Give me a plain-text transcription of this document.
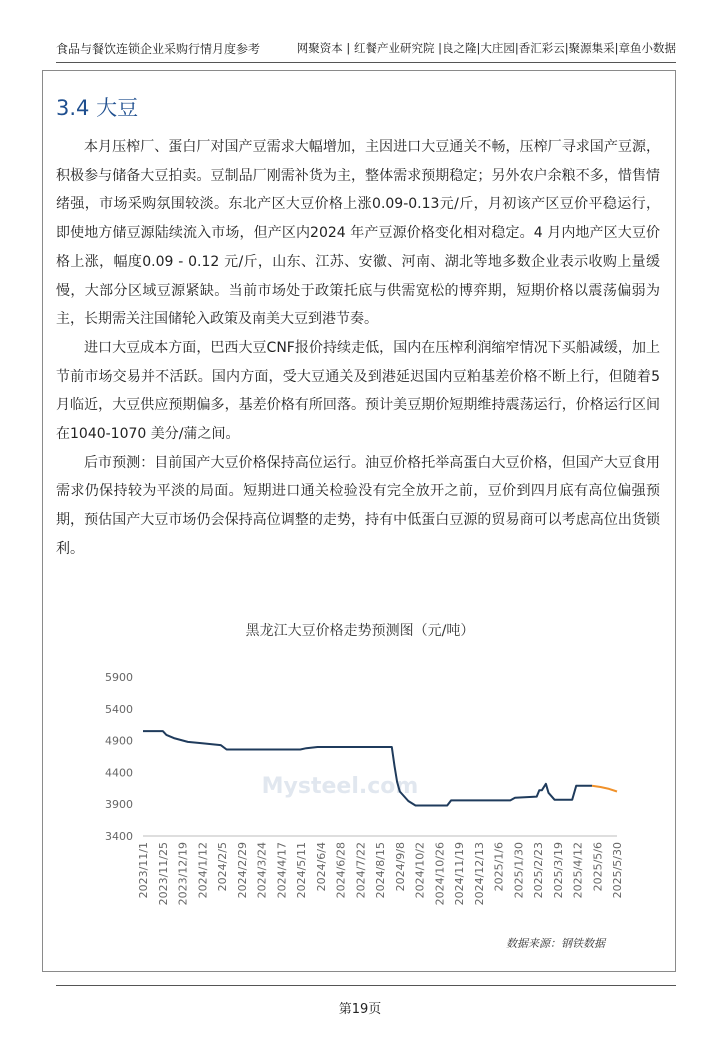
食品与餐饮连锁企业采购行情月度参考	网聚资本 | 红餐产业研究院 |良之隆|大庄园|香汇彩云|聚源集采|章鱼小数据
3.4 大豆

本月压榨厂、蛋白厂对国产豆需求大幅增加，主因进口大豆通关不畅，压榨厂寻求国产豆源，积极参与储备大豆拍卖。豆制品厂刚需补货为主，整体需求预期稳定；另外农户余粮不多，惜售情绪强，市场采购氛围较淡。东北产区大豆价格上涨0.09-0.13元/斤，月初该产区豆价平稳运行，即使地方储豆源陆续流入市场，但产区内2024 年产豆源价格变化相对稳定。4 月内地产区大豆价格上涨，幅度0.09 - 0.12 元/斤，山东、江苏、安徽、河南、湖北等地多数企业表示收购上量缓慢，大部分区域豆源紧缺。当前市场处于政策托底与供需宽松的博弈期，短期价格以震荡偏弱为主，长期需关注国储轮入政策及南美大豆到港节奏。

进口大豆成本方面，巴西大豆CNF报价持续走低，国内在压榨利润缩窄情况下买船减缓，加上节前市场交易并不活跃。国内方面，受大豆通关及到港延迟国内豆粕基差价格不断上行，但随着5 月临近，大豆供应预期偏多，基差价格有所回落。预计美豆期价短期维持震荡运行，价格运行区间在1040-1070 美分/蒲之间。

后市预测：目前国产大豆价格保持高位运行。油豆价格托举高蛋白大豆价格，但国产大豆食用需求仍保持较为平淡的局面。短期进口通关检验没有完全放开之前，豆价到四月底有高位偏强预期，预估国产大豆市场仍会保持高位调整的走势，持有中低蛋白豆源的贸易商可以考虑高位出货锁利。

黑龙江大豆价格走势预测图（元/吨）
Mysteel.com
3400
3900
4400
4900
5400
5900
2023/11/1 2023/11/25 2023/12/19 2024/1/12 2024/2/5 2024/2/29 2024/3/24 2024/4/17 2024/5/11 2024/6/4 2024/6/28 2024/7/22 2024/8/15 2024/9/8 2024/10/2 2024/10/26 2024/11/19 2024/12/13 2025/1/6 2025/1/30 2025/2/23 2025/3/19 2025/4/12 2025/5/6 2025/5/30
数据来源：钢铁数据
第19页
